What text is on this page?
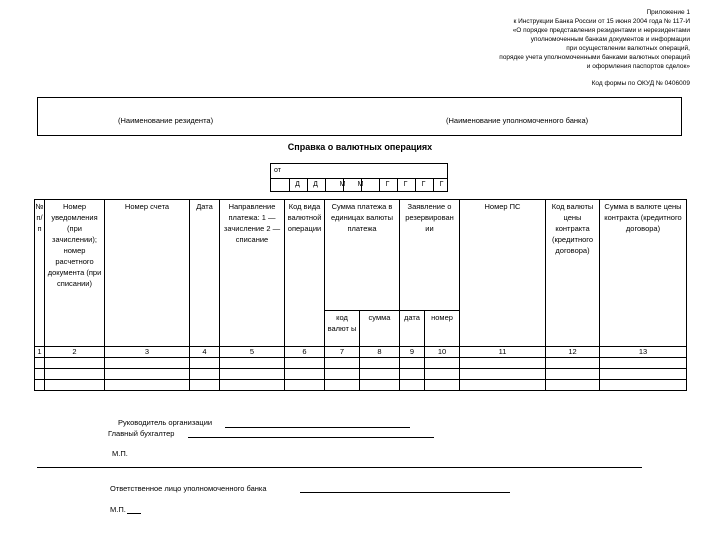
Приложение 1
к Инструкции Банка России от 15 июня 2004 года № 117-И
«О порядке представления резидентами и нерезидентами
уполномоченным банкам документов и информации
при осуществлении валютных операций,
порядке учета уполномоченными банками валютных операций
и оформления паспортов сделок»
Код формы по ОКУД № 0406009
(Наименование резидента)	(Наименование уполномоченного банка)
Справка о валютных операциях
от
Д	Д	М	М	Г	Г	Г	Г
№ п/п	Номер уведомления (при зачислении); номер расчетного документа (при списании)	Номер счета	Дата	Направление платежа: 1 — зачисление 2 — списание	Код вида валютной операции	Сумма платежа в единицах валюты платежа		Заявление о резервирован ии		Номер ПС	Код валюты цены контракта (кредитного договора)	Сумма в валюте цены контракта (кредитного договора)
						код валют ы	сумма	дата	номер			
1	2	3	4	5	6	7	8	9	10	11	12	13

Руководитель организации
Главный бухгалтер
М.П.
Ответственное лицо уполномоченного банка
М.П.
